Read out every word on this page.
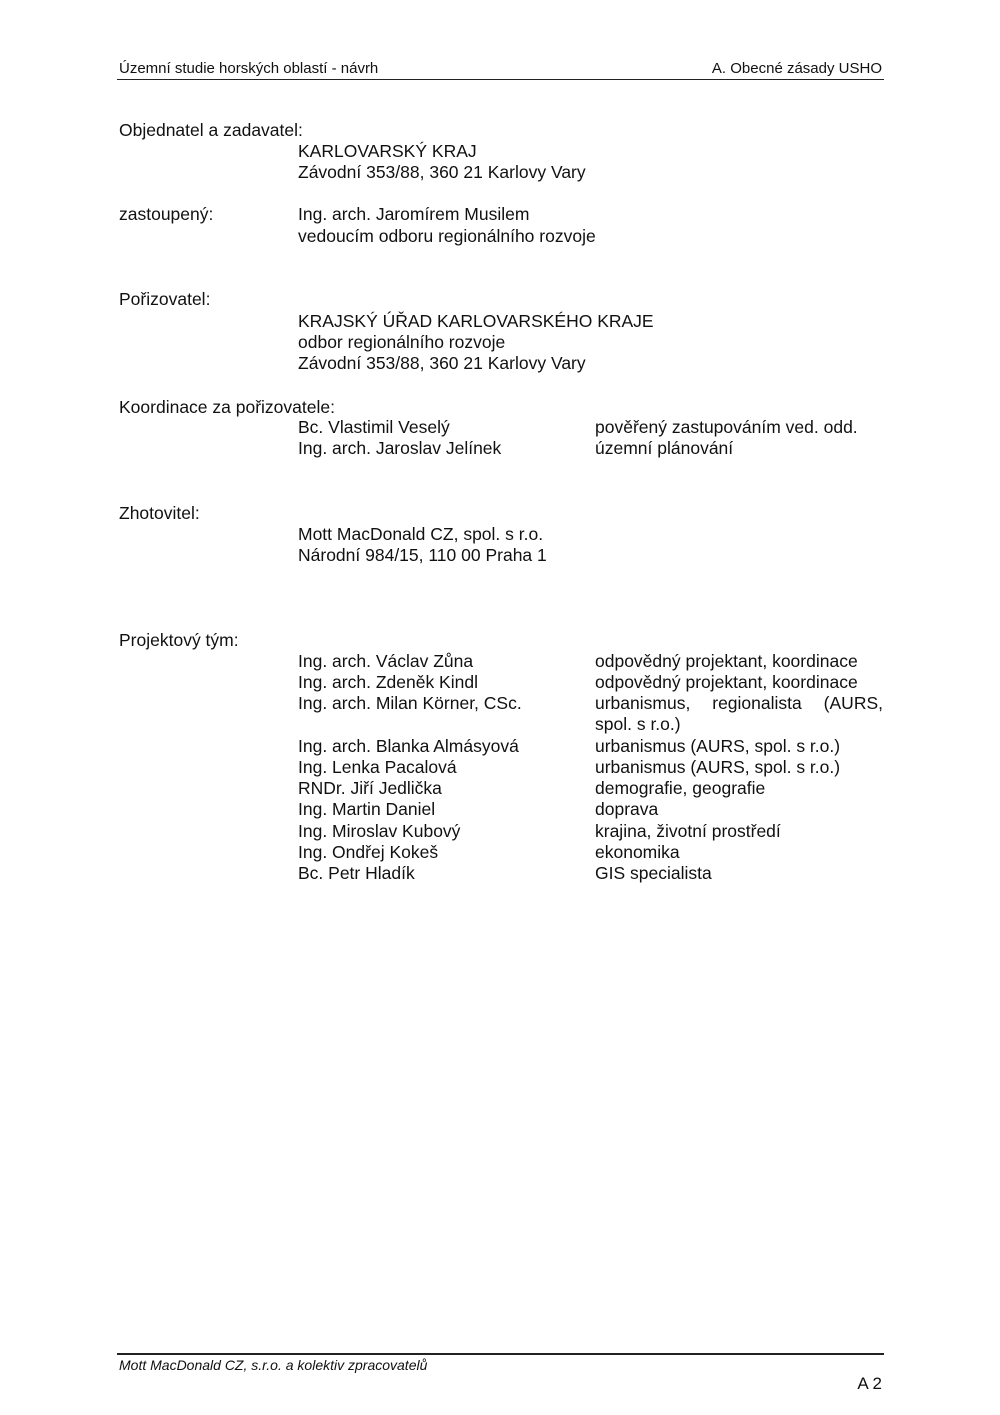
Územní studie horských oblastí - návrh	A. Obecné zásady USHO
Objednatel a zadavatel:
KARLOVARSKÝ KRAJ
Závodní 353/88, 360 21 Karlovy Vary
zastoupený:	Ing. arch. Jaromírem Musilem
vedoucím odboru regionálního rozvoje
Pořizovatel:
KRAJSKÝ ÚŘAD KARLOVARSKÉHO KRAJE
odbor regionálního rozvoje
Závodní 353/88, 360 21 Karlovy Vary
Koordinace za pořizovatele:
Bc. Vlastimil Veselý	pověřený zastupováním ved. odd.
Ing. arch. Jaroslav Jelínek	územní plánování
Zhotovitel:
Mott MacDonald CZ, spol. s r.o.
Národní 984/15, 110 00 Praha 1
Projektový tým:
Ing. arch. Václav Zůna	odpovědný projektant, koordinace
Ing. arch. Zdeněk Kindl	odpovědný projektant, koordinace
Ing. arch. Milan Körner, CSc.	urbanismus, regionalista (AURS, spol. s r.o.)
Ing. arch. Blanka Almásyová	urbanismus (AURS, spol. s r.o.)
Ing. Lenka Pacalová	urbanismus (AURS, spol. s r.o.)
RNDr. Jiří Jedlička	demografie, geografie
Ing. Martin Daniel	doprava
Ing. Miroslav Kubový	krajina, životní prostředí
Ing. Ondřej Kokeš	ekonomika
Bc. Petr Hladík	GIS specialista
Mott MacDonald CZ, s.r.o. a kolektiv zpracovatelů
A 2
